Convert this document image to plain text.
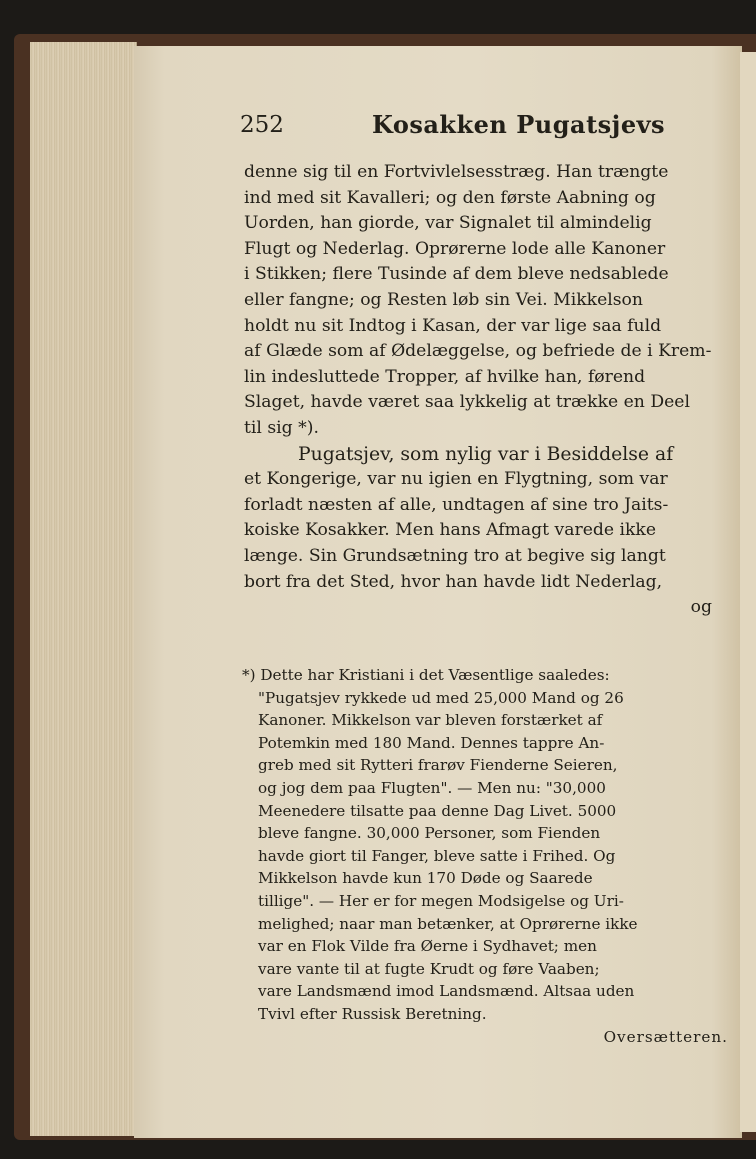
252	Kosakken Pugatsjevs
denne sig til en Fortvivlelsesstræg. Han trængte
ind med sit Kavalleri; og den første Aabning og
Uorden, han giorde, var Signalet til almindelig
Flugt og Nederlag. Oprørerne lode alle Kanoner
i Stikken; flere Tusinde af dem bleve nedsablede
eller fangne; og Resten løb sin Vei. Mikkelson
holdt nu sit Indtog i Kasan, der var lige saa fuld
af Glæde som af Ødelæggelse, og befriede de i Krem-
lin indesluttede Tropper, af hvilke han, førend
Slaget, havde været saa lykkelig at trække en Deel
til sig *).
Pugatsjev, som nylig var i Besiddelse af
et Kongerige, var nu igien en Flygtning, som var
forladt næsten af alle, undtagen af sine tro Jaits-
koiske Kosakker. Men hans Afmagt varede ikke
længe. Sin Grundsætning tro at begive sig langt
bort fra det Sted, hvor han havde lidt Nederlag,
og
*) Dette har Kristiani i det Væsentlige saaledes:
"Pugatsjev rykkede ud med 25,000 Mand og 26
Kanoner. Mikkelson var bleven forstærket af
Potemkin med 180 Mand. Dennes tappre An-
greb med sit Rytteri frarøv Fienderne Seieren,
og jog dem paa Flugten". — Men nu: "30,000
Meenedere tilsatte paa denne Dag Livet. 5000
bleve fangne. 30,000 Personer, som Fienden
havde giort til Fanger, bleve satte i Frihed. Og
Mikkelson havde kun 170 Døde og Saarede
tillige". — Her er for megen Modsigelse og Uri-
melighed; naar man betænker, at Oprørerne ikke
var en Flok Vilde fra Øerne i Sydhavet; men
vare vante til at fugte Krudt og føre Vaaben;
vare Landsmænd imod Landsmænd. Altsaa uden
Tvivl efter Russisk Beretning.
Oversætteren.
